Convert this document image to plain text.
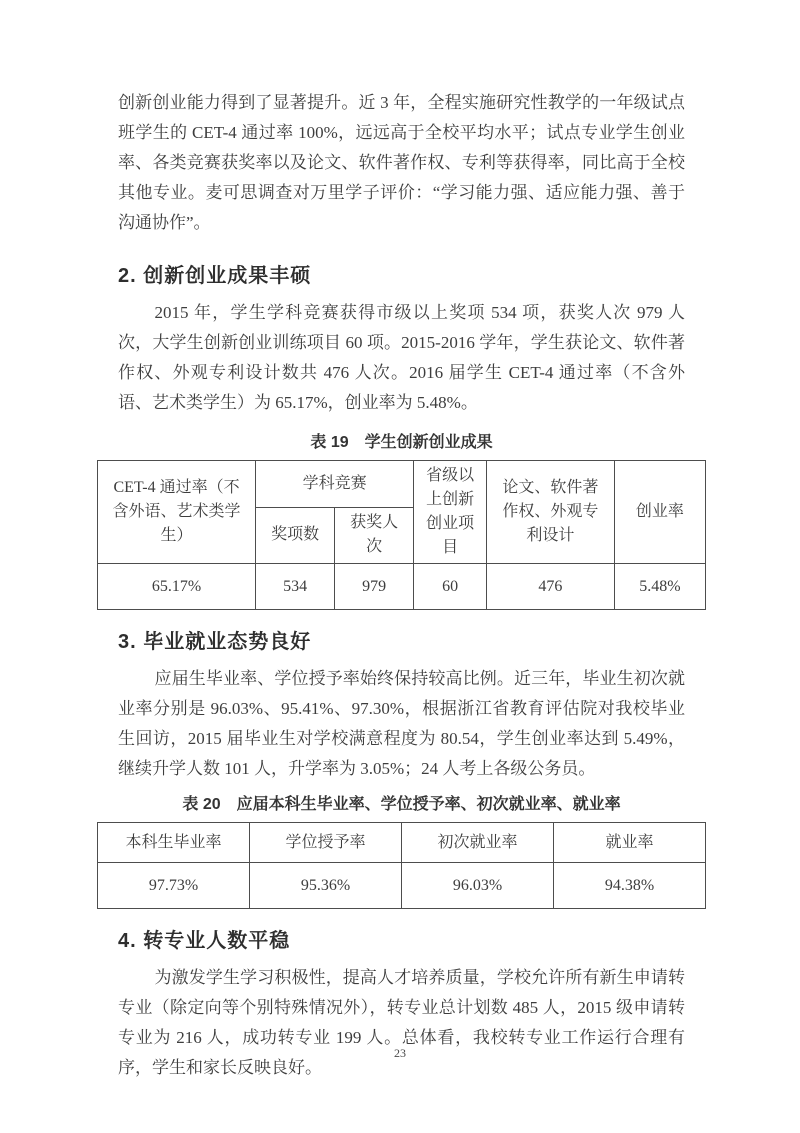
创新创业能力得到了显著提升。近 3 年，全程实施研究性教学的一年级试点班学生的 CET-4 通过率 100%，远远高于全校平均水平；试点专业学生创业率、各类竞赛获奖率以及论文、软件著作权、专利等获得率，同比高于全校其他专业。麦可思调查对万里学子评价：“学习能力强、适应能力强、善于沟通协作”。

2. 创新创业成果丰硕

2015 年，学生学科竞赛获得市级以上奖项 534 项，获奖人次 979 人次，大学生创新创业训练项目 60 项。2015-2016 学年，学生获论文、软件著作权、外观专利设计数共 476 人次。2016 届学生 CET-4 通过率（不含外语、艺术类学生）为 65.17%，创业率为 5.48%。

表 19　学生创新创业成果
CET-4 通过率（不含外语、艺术类学生）	学科竞赛		省级以上创新创业项目	论文、软件著作权、外观专利设计	创业率
	奖项数	获奖人次			
65.17%	534	979	60	476	5.48%
3. 毕业就业态势良好

应届生毕业率、学位授予率始终保持较高比例。近三年，毕业生初次就业率分别是 96.03%、95.41%、97.30%，根据浙江省教育评估院对我校毕业生回访，2015 届毕业生对学校满意程度为 80.54，学生创业率达到 5.49%，继续升学人数 101 人，升学率为 3.05%；24 人考上各级公务员。

表 20　应届本科生毕业率、学位授予率、初次就业率、就业率
本科生毕业率	学位授予率	初次就业率	就业率
97.73%	95.36%	96.03%	94.38%
4. 转专业人数平稳

为激发学生学习积极性，提高人才培养质量，学校允许所有新生申请转专业（除定向等个别特殊情况外），转专业总计划数 485 人，2015 级申请转专业为 216 人，成功转专业 199 人。总体看，我校转专业工作运行合理有序，学生和家长反映良好。

23
